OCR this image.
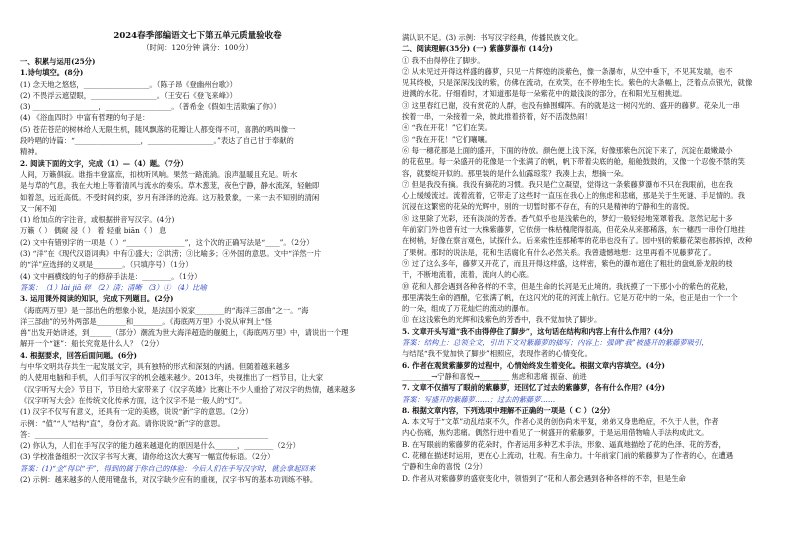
2024春季部编语文七下第五单元质量验收卷
（时间：120分钟 满分：100分）

一、积累与运用(25分)

1.诗句填空。(8分)

(1) 念天地之悠悠，__________________。（陈子昂《登幽州台歌》）

(2) 不畏浮云遮望眼，__________________。（王安石《登飞来峰》）

(3) __________________，__________________。（普希金《假如生活欺骗了你》）

(4) 《浴血四时》中富有哲理的句子是：

(5) 苍茫苍茫的树林给人无限生机，随风飘落的花瓣让人都变得不可，喜鹊的鸣叫像一

段吟唱的诗篇：“__________________，__________________。”表达了自己甘于奉献的

精神。

2. 阅读下面的文字，完成（1）—（4）题。（7分）

人间，万籁俱寂。谁指丰登富庶，扣枕听风响。果然一路流淌。浪声温暖且充足。听水

是与草的气息，我在大地上等着清风与流水的奏乐。草木葱茏，夜色宁静，静水流深，轻触即

如着忽，远近高低。不受时间约束，岁月有泽泽的沧海。这万般景象，一来一去不知别的清闲

又一闲不知

(1) 给加点的字注音，或根据拼音写汉字。(4分)

万籁（ ） 偶窥 浸（ ） 着 轻重 biān（ ） 息

(2) 文中有错别字的一项是（ ）“________________”，这个次的正确写法是“____”。（2分）

(3) “洋”在《现代汉语词典》中有①盛大；②洪涝；③比喻多；④外国的意思。文中“洋然一片

的“洋”应选择的义项是________。（只填序号）（1分）

(4) 文中画横线的句子的修辞手法是：________。（1分）

答案：（1）lài jiā 碎 （2）清；清晰 （3）① （4）比喻

3. 运用课外阅读的知识，完成下列题目。(2分)

《海底两万里》是一部出色的想象小说，是法国小说家________的“海洋三部曲”之一。“海

洋三部曲”的另外两部是________和________。《海底两万里》小说从审判上“怪

兽”出发开始讲述，到______（部分）潮流为世大海洋超造的舰艇上，《海底两万里》中，请说出一个理

解开一个“谜”：船长究竟是什么人？（2分）

4. 根据要求，回答后面问题。(6分)

与中华文明共存共生一起发展文字，具有独特的形式和深刻的内涵。但随着越来越多

的人使用电脑和手机，人们手写汉字的机会越来越少。2013年，央视推出了一档节目，让大家

《汉字听写大会》节目下，节目给大家带来了《汉字英雄》比赛让不少人重拾了对汉字的热情，越来越多

《汉字听写大会》在传统文化传承方面，这个汉字不是一般人的“灯”。

(1) 汉字不仅写有意义，还具有一定的美感，说说“新”字的意思。（2分）

示例：“值”“人”结构“直”，身份才高。请你说说“新”字的意思。

答：________________________________________________________________

(2) 你认为，人们在手写汉字的能力越来越退化的原因是什么______，________（2分）

(3) 学校准备组织一次汉字书写大赛，请你给这次大赛写一幅宣传标语。（2分）

答案：(1)“金”得以“手”，得到的属于你自己的体验：今后人们在手写汉字时，就会拿起回来

(2) 示例：越来越多的人使用键盘书，对汉字缺少应有的重视，汉字书写的基本功训练不够。

满认识不足。(3) 示例：书写汉字经典，传播民族文化。

二、阅读理解(35分) (一) 紫藤萝瀑布 (14分)

① 我不由得停住了脚步。

② 从未见过开得这样盛的藤萝，只见一片辉煌的淡紫色，像一条瀑布，从空中垂下，不见其发端，也不

见其终极，只是深深浅浅的紫，仿佛在流动，在欢笑，在不停地生长。紫色的大条幅上，泛着点点银光，就像

迸溅的水花。仔细看时，才知道那是每一朵紫花中的最浅淡的部分，在和阳光互相挑逗。

③ 这里春红已谢，没有赏花的人群，也没有蜂围蝶阵。有的就是这一树闪光的、盛开的藤萝。花朵儿一串

挨着一串，一朵接着一朵，彼此推着挤着，好不活泼热闹！

④ “我在开花！”它们在笑。

⑤ “我在开花！”它们嚷嚷。

⑥ 每一穗花都是上面的盛开，下面的待放。颜色便上浅下深，好像那紫色沉淀下来了，沉淀在最嫩最小

的花苞里。每一朵盛开的花像是一个张满了的帆，帆下带着尖底的舱，船舱鼓鼓的，又像一个忍俊不禁的笑

容，就要绽开似的。那里装的是什么仙露琼浆？我凑上去，想摘一朵。

⑦ 但是我没有摘。我没有摘花的习惯。我只是伫立凝望，觉得这一条紫藤萝瀑布不只在我眼前，也在我

心上缓缓流过。流着流着，它带走了这些时一直压在我心上的焦虑和悲痛，那是关于生死谜、手足情的。我

沉浸在这繁密的花朵的光辉中，别的一切暂时都不存在，有的只是精神的宁静和生的喜悦。

⑧ 这里除了光彩，还有淡淡的芳香。香气似乎也是浅紫色的，梦幻一般轻轻地笼罩着我。忽然记起十多

年前家门外也曾有过一大株紫藤萝，它依傍一株枯槐爬得很高，但花朵从来都稀落，东一穗西一串伶仃地挂

在树梢，好像在察言观色，试探什么。后来索性连那稀零的花串也没有了。园中别的紫藤花架也都拆掉，改种

了果树。那时的说法是，花和生活腐化有什么必然关系。我曾遗憾地想：这里再看不见藤萝花了。

⑨ 过了这么多年，藤萝又开花了，而且开得这样盛，这样密，紫色的瀑布遮住了粗壮的盘虬卧龙般的枝

干，不断地流着，流着，流向人的心底。

⑩ 花和人都会遇到各种各样的不幸，但是生命的长河是无止境的。我抚摸了一下那小小的紫色的花舱，

那里满装生命的酒酿，它张满了帆，在这闪光的花的河流上航行。它是万花中的一朵，也正是由一个一个

的一朵，组成了万花灿烂的流动的瀑布。

⑪ 在这浅紫色的光辉和浅紫色的芳香中，我不觉加快了脚步。

5. 文章开头写道“我不由得停住了脚步”，这句话在结构和内容上有什么作用？(4分)

答案：结构上：总领全文，引出下文对紫藤萝的描写；内容上：强调“我”被盛开的紫藤萝吸引，

与结尾“我不觉加快了脚步”相照应，表现作者的心情变化。

6. 作者在观赏紫藤萝的过程中，心情始终发生着变化。根据文章内容填空。(4分)

________→宁静和喜悦→________ 焦虑和悲痛 振奋、前进

7. 文章不仅描写了眼前的紫藤萝，还回忆了过去的紫藤萝，各有什么作用？(4分)

答案：写盛开的紫藤萝……；过去的紫藤萝……

8. 根据文章内容，下列选项中理解不正确的一项是（ C ）（2分）

A. 本文写于“文革”动乱结束不久，作者心灵的创伤尚未平复，弟弟又身患绝症，不久于人世，作者

内心伤痛，焦灼悲痛。偶然行进中看见了一树盛开的紫藤萝，于是运用借物喻人手法构成此文。

B. 在写眼前的紫藤萝的花朵时，作者运用多种艺术手法，形象、逼真地描绘了花的色泽、花的芳香，

C. 花穗在描述时运用，更在心上流动，壮观。有生命力。十年前家门前的紫藤萝为了作者的心，在遭遇

宁静和生命的喜悦（2分）

D. 作者从对紫藤萝的盛衰变化中，领悟到了“花和人都会遇到各种各样的不幸，但是生命
